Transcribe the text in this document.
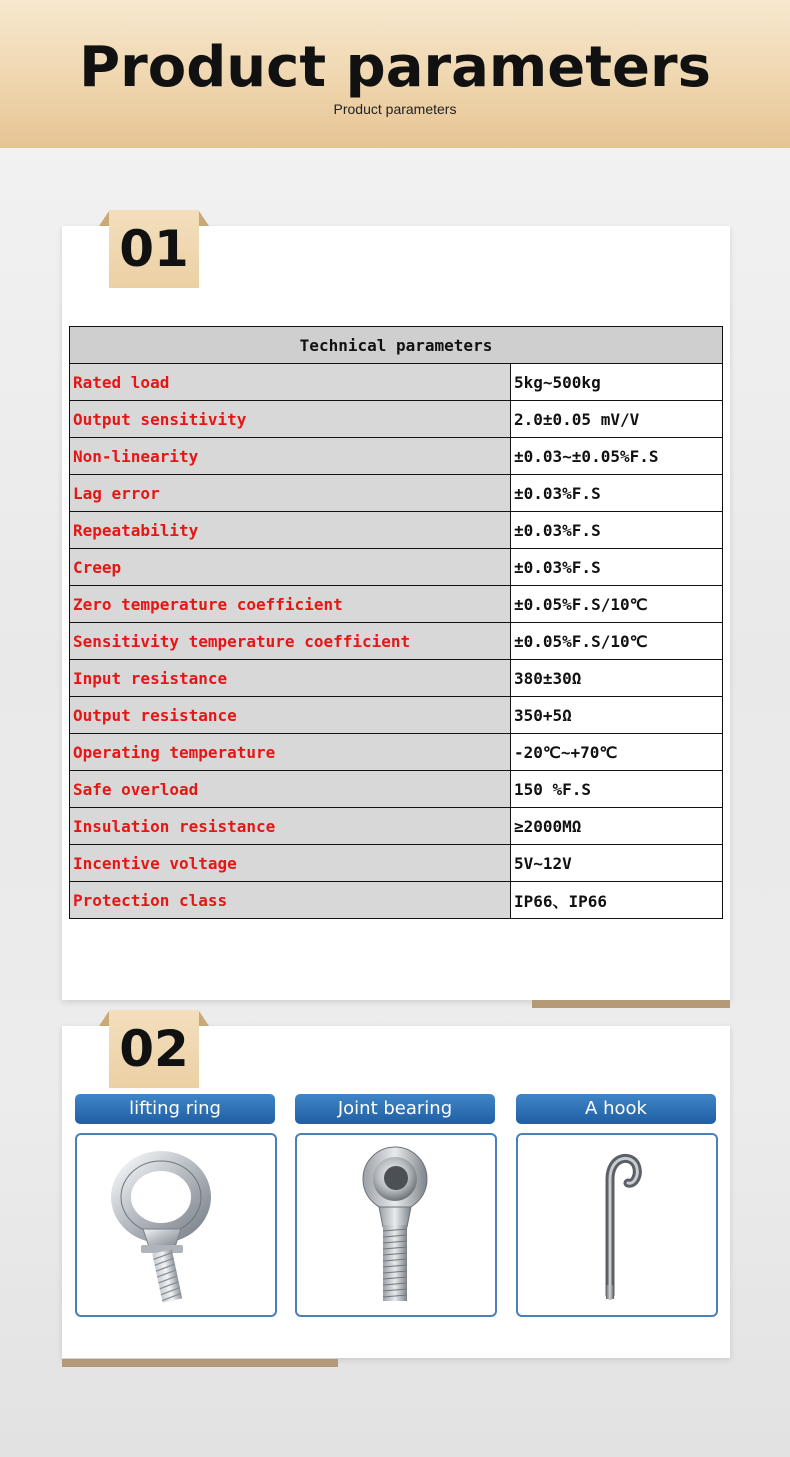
Product parameters
Product parameters
01
Technical parameters	
Rated load	5kg~500kg
Output sensitivity	2.0±0.05 mV/V
Non-linearity	±0.03~±0.05%F.S
Lag error	±0.03%F.S
Repeatability	±0.03%F.S
Creep	±0.03%F.S
Zero temperature coefficient	±0.05%F.S/10℃
Sensitivity temperature coefficient	±0.05%F.S/10℃
Input resistance	380±30Ω
Output resistance	350+5Ω
Operating temperature	-20℃~+70℃
Safe overload	150 %F.S
Insulation resistance	≥2000MΩ
Incentive voltage	5V~12V
Protection class	IP66、IP66
02
lifting ring	Joint bearing	A hook
